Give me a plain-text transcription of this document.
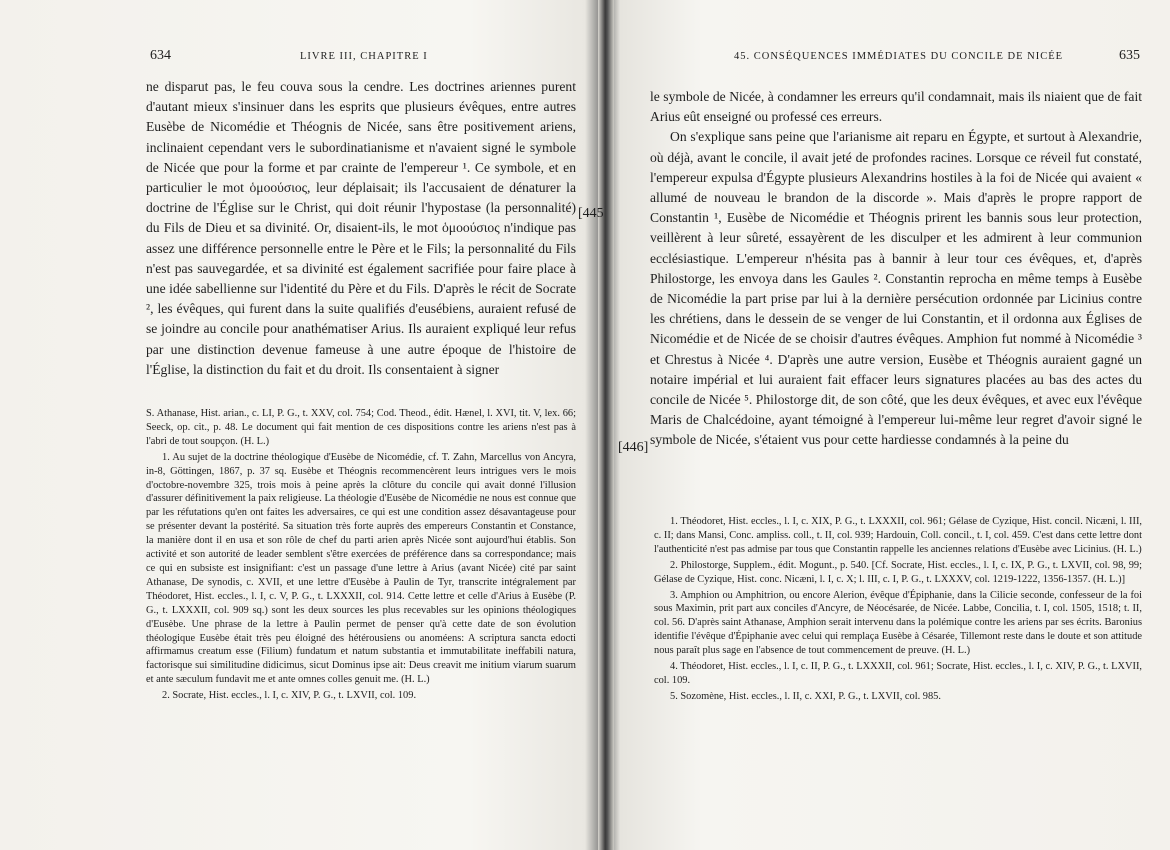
634	LIVRE III, CHAPITRE I

ne disparut pas, le feu couva sous la cendre. Les doctrines ariennes purent d'autant mieux s'insinuer dans les esprits que plusieurs évêques, entre autres Eusèbe de Nicomédie et Théognis de Nicée, sans être positivement ariens, inclinaient cependant vers le subordinatianisme et n'avaient signé le symbole de Nicée que pour la forme et par crainte de l'empereur ¹. Ce symbole, et en particulier le mot ὁμοούσιος, leur déplaisait; ils l'accusaient de dénaturer la doctrine de l'Église sur le Christ, qui doit réunir l'hypostase (la personnalité) du Fils de Dieu et sa divinité. Or, disaient-ils, le mot ὁμοούσιος n'indique pas assez une différence personnelle entre le Père et le Fils; la personnalité du Fils n'est pas sauvegardée, et sa divinité est également sacrifiée pour faire place à une idée sabellienne sur l'identité du Père et du Fils. D'après le récit de Socrate ², les évêques, qui furent dans la suite qualifiés d'eusébiens, auraient refusé de se joindre au concile pour anathématiser Arius. Ils auraient expliqué leur refus par une distinction devenue fameuse à une autre époque de l'histoire de l'Église, la distinction du fait et du droit. Ils consentaient à signer

S. Athanase, Hist. arian., c. LI, P. G., t. XXV, col. 754; Cod. Theod., édit. Hænel, l. XVI, tit. V, lex. 66; Seeck, op. cit., p. 48. Le document qui fait mention de ces dispositions contre les ariens n'est pas à l'abri de tout soupçon. (H. L.)

1. Au sujet de la doctrine théologique d'Eusèbe de Nicomédie, cf. T. Zahn, Marcellus von Ancyra, in-8, Göttingen, 1867, p. 37 sq. Eusèbe et Théognis recommencèrent leurs intrigues vers le mois d'octobre-novembre 325, trois mois à peine après la clôture du concile qui avait donné l'illusion d'assurer définitivement la paix religieuse. La théologie d'Eusèbe de Nicomédie ne nous est connue que par les réfutations qu'en ont faites les adversaires, ce qui est une condition assez désavantageuse pour se présenter devant la postérité. Sa situation très forte auprès des empereurs Constantin et Constance, la manière dont il en usa et son rôle de chef du parti arien après Nicée sont aujourd'hui établis. Son activité et son autorité de leader semblent s'être exercées de préférence dans sa correspondance; mais ce qui en subsiste est insignifiant: c'est un passage d'une lettre à Arius (avant Nicée) cité par saint Athanase, De synodis, c. XVII, et une lettre d'Eusèbe à Paulin de Tyr, transcrite intégralement par Théodoret, Hist. eccles., l. I, c. V, P. G., t. LXXXII, col. 914. Cette lettre et celle d'Arius à Eusèbe (P. G., t. LXXXII, col. 909 sq.) sont les deux sources les plus recevables sur les opinions théologiques d'Eusèbe. Une phrase de la lettre à Paulin permet de penser qu'à cette date de son évolution théologique Eusèbe était très peu éloigné des hétérousiens ou anoméens: A scriptura sancta edocti affirmamus creatum esse (Filium) fundatum et natum substantia et immutabilitate ineffabili natura, factorisque sui similitudine didicimus, sicut Dominus ipse ait: Deus creavit me initium viarum suarum et ante sæculum fundavit me et ante omnes colles genuit me. (H. L.)

2. Socrate, Hist. eccles., l. I, c. XIV, P. G., t. LXVII, col. 109.

[445
[446]
45. CONSÉQUENCES IMMÉDIATES DU CONCILE DE NICÉE	635

le symbole de Nicée, à condamner les erreurs qu'il condamnait, mais ils niaient que de fait Arius eût enseigné ou professé ces erreurs.

On s'explique sans peine que l'arianisme ait reparu en Égypte, et surtout à Alexandrie, où déjà, avant le concile, il avait jeté de profondes racines. Lorsque ce réveil fut constaté, l'empereur expulsa d'Égypte plusieurs Alexandrins hostiles à la foi de Nicée qui avaient « allumé de nouveau le brandon de la discorde ». Mais d'après le propre rapport de Constantin ¹, Eusèbe de Nicomédie et Théognis prirent les bannis sous leur protection, veillèrent à leur sûreté, essayèrent de les disculper et les admirent à leur communion ecclésiastique. L'empereur n'hésita pas à bannir à leur tour ces évêques, et, d'après Philostorge, les envoya dans les Gaules ². Constantin reprocha en même temps à Eusèbe de Nicomédie la part prise par lui à la dernière persécution ordonnée par Licinius contre les chrétiens, dans le dessein de se venger de lui Constantin, et il ordonna aux Églises de Nicomédie et de Nicée de se choisir d'autres évêques. Amphion fut nommé à Nicomédie ³ et Chrestus à Nicée ⁴. D'après une autre version, Eusèbe et Théognis auraient gagné un notaire impérial et lui auraient fait effacer leurs signatures placées au bas des actes du concile de Nicée ⁵. Philostorge dit, de son côté, que les deux évêques, et avec eux l'évêque Maris de Chalcédoine, ayant témoigné à l'empereur lui-même leur regret d'avoir signé le symbole de Nicée, s'étaient vus pour cette hardiesse condamnés à la peine du

1. Théodoret, Hist. eccles., l. I, c. XIX, P. G., t. LXXXII, col. 961; Gélase de Cyzique, Hist. concil. Nicæni, l. III, c. II; dans Mansi, Conc. ampliss. coll., t. II, col. 939; Hardouin, Coll. concil., t. I, col. 459. C'est dans cette lettre dont l'authenticité n'est pas admise par tous que Constantin rappelle les anciennes relations d'Eusèbe avec Licinius. (H. L.)

2. Philostorge, Supplem., édit. Mogunt., p. 540. [Cf. Socrate, Hist. eccles., l. I, c. IX, P. G., t. LXVII, col. 98, 99; Gélase de Cyzique, Hist. conc. Nicæni, l. I, c. X; l. III, c. I, P. G., t. LXXXV, col. 1219-1222, 1356-1357. (H. L.)]

3. Amphion ou Amphitrion, ou encore Alerion, évêque d'Épiphanie, dans la Cilicie seconde, confesseur de la foi sous Maximin, prit part aux conciles d'Ancyre, de Néocésarée, de Nicée. Labbe, Concilia, t. I, col. 1505, 1518; t. II, col. 56. D'après saint Athanase, Amphion serait intervenu dans la polémique contre les ariens par ses écrits. Baronius identifie l'évêque d'Épiphanie avec celui qui remplaça Eusèbe à Césarée, Tillemont reste dans le doute et son attitude nous paraît plus sage en l'absence de tout commencement de preuve. (H. L.)

4. Théodoret, Hist. eccles., l. I, c. II, P. G., t. LXXXII, col. 961; Socrate, Hist. eccles., l. I, c. XIV, P. G., t. LXVII, col. 109.

5. Sozomène, Hist. eccles., l. II, c. XXI, P. G., t. LXVII, col. 985.
